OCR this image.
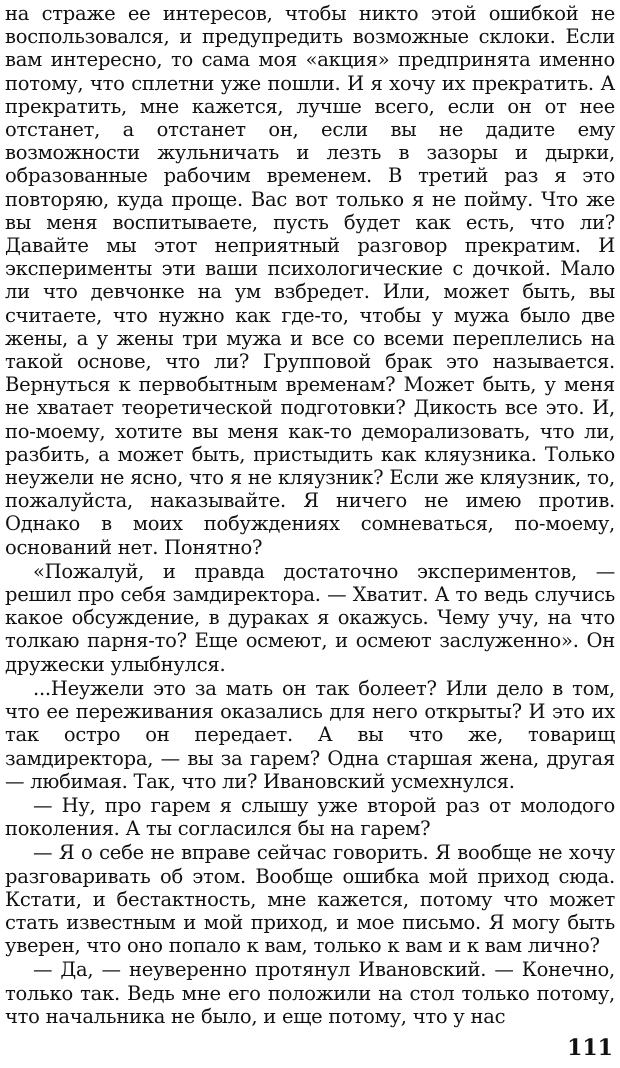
на страже ее интересов, чтобы никто этой ошибкой не воспользовался, и предупредить возможные склоки. Если вам интересно, то сама моя «акция» предпринята именно потому, что сплетни уже пошли. И я хочу их прекратить. А прекратить, мне кажется, лучше всего, если он от нее отстанет, а отстанет он, если вы не дадите ему возможности жульничать и лезть в зазоры и дырки, образованные рабочим временем. В третий раз я это повторяю, куда проще. Вас вот только я не пойму. Что же вы меня воспитываете, пусть будет как есть, что ли? Давайте мы этот неприятный разговор прекратим. И эксперименты эти ваши психологические с дочкой. Мало ли что девчонке на ум взбредет. Или, может быть, вы считаете, что нужно как где-то, чтобы у мужа было две жены, а у жены три мужа и все со всеми переплелись на такой основе, что ли? Групповой брак это называется. Вернуться к первобытным временам? Может быть, у меня не хватает теоретической подготовки? Дикость все это. И, по-моему, хотите вы меня как-то деморализовать, что ли, разбить, а может быть, пристыдить как кляузника. Только неужели не ясно, что я не кляузник? Если же кляузник, то, пожалуйста, наказывайте. Я ничего не имею против. Однако в моих побуждениях сомневаться, по-моему, оснований нет. Понятно?

«Пожалуй, и правда достаточно экспериментов, — решил про себя замдиректора. — Хватит. А то ведь случись какое обсуждение, в дураках я окажусь. Чему учу, на что толкаю парня-то? Еще осмеют, и осмеют заслуженно». Он дружески улыбнулся.

...Неужели это за мать он так болеет? Или дело в том, что ее переживания оказались для него открыты? И это их так остро он передает. А вы что же, товарищ замдиректора, — вы за гарем? Одна старшая жена, другая — любимая. Так, что ли? Ивановский усмехнулся.

— Ну, про гарем я слышу уже второй раз от молодого поколения. А ты согласился бы на гарем?

— Я о себе не вправе сейчас говорить. Я вообще не хочу разговаривать об этом. Вообще ошибка мой приход сюда. Кстати, и бестактность, мне кажется, потому что может стать известным и мой приход, и мое письмо. Я могу быть уверен, что оно попало к вам, только к вам и к вам лично?

— Да, — неуверенно протянул Ивановский. — Конечно, только так. Ведь мне его положили на стол только потому, что начальника не было, и еще потому, что у нас

111
